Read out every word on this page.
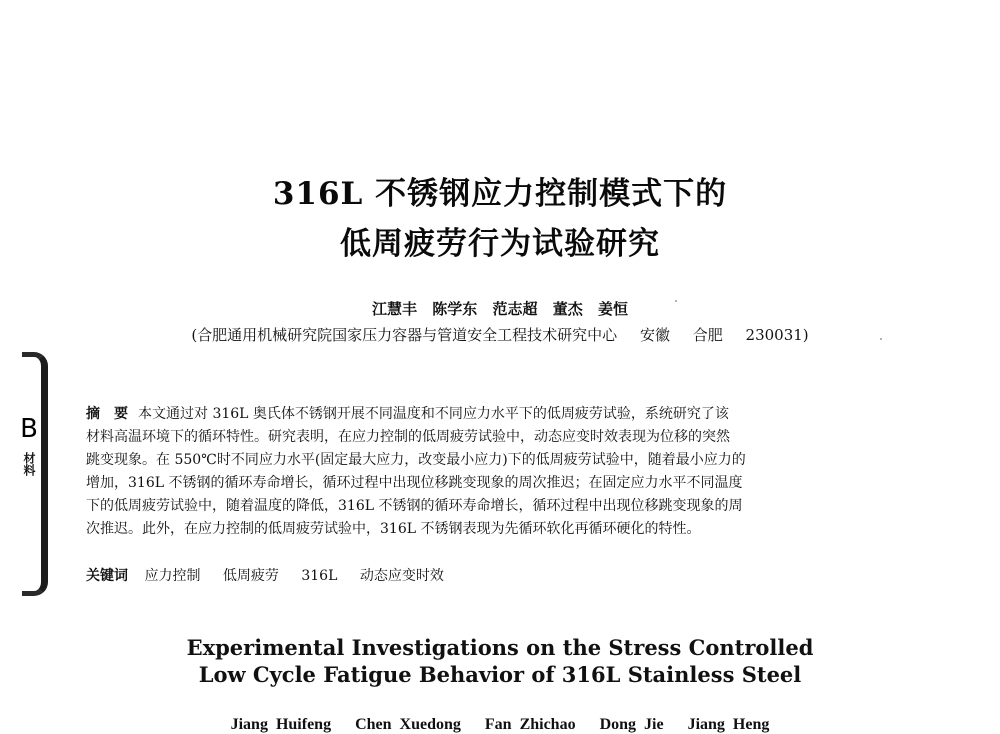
316L 不锈钢应力控制模式下的
低周疲劳行为试验研究
江慧丰 陈学东 范志超 董杰 姜恒
(合肥通用机械研究院国家压力容器与管道安全工程技术研究中心 安徽 合肥 230031)
B
材料
摘　要 本文通过对 316L 奥氏体不锈钢开展不同温度和不同应力水平下的低周疲劳试验，系统研究了该
材料高温环境下的循环特性。研究表明，在应力控制的低周疲劳试验中，动态应变时效表现为位移的突然
跳变现象。在 550℃时不同应力水平(固定最大应力，改变最小应力)下的低周疲劳试验中，随着最小应力的
增加，316L 不锈钢的循环寿命增长，循环过程中出现位移跳变现象的周次推迟；在固定应力水平不同温度
下的低周疲劳试验中，随着温度的降低，316L 不锈钢的循环寿命增长，循环过程中出现位移跳变现象的周
次推迟。此外，在应力控制的低周疲劳试验中，316L 不锈钢表现为先循环软化再循环硬化的特性。
关键词 应力控制 低周疲劳 316L 动态应变时效
Experimental Investigations on the Stress Controlled
Low Cycle Fatigue Behavior of 316L Stainless Steel
Jiang Huifeng Chen Xuedong Fan Zhichao Dong Jie Jiang Heng
